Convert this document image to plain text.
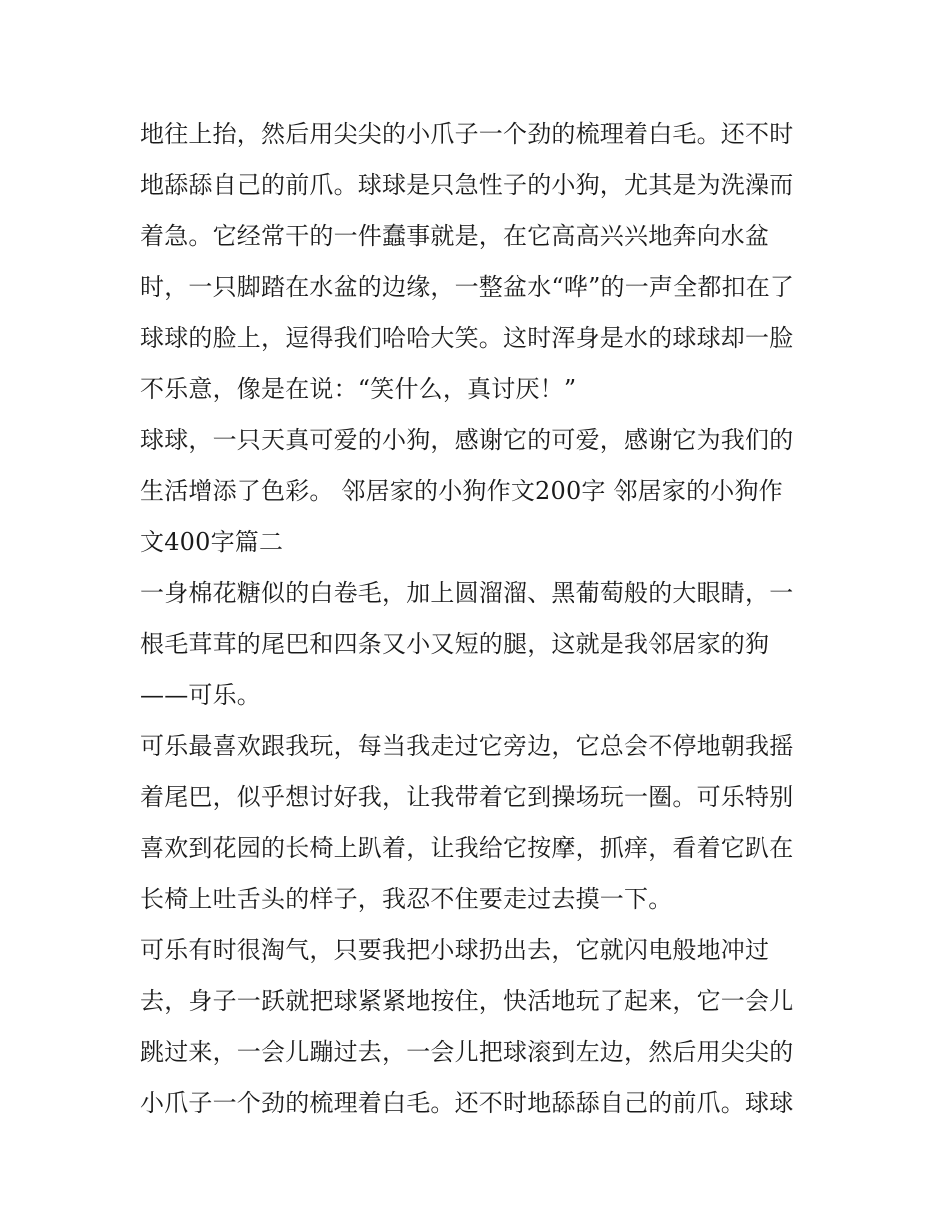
地往上抬，然后用尖尖的小爪子一个劲的梳理着白毛。还不时
地舔舔自己的前爪。球球是只急性子的小狗，尤其是为洗澡而
着急。它经常干的一件蠢事就是，在它高高兴兴地奔向水盆
时，一只脚踏在水盆的边缘，一整盆水“哗”的一声全都扣在了
球球的脸上，逗得我们哈哈大笑。这时浑身是水的球球却一脸
不乐意，像是在说：“笑什么，真讨厌！”
球球，一只天真可爱的小狗，感谢它的可爱，感谢它为我们的
生活增添了色彩。 邻居家的小狗作文200字 邻居家的小狗作
文400字篇二
一身棉花糖似的白卷毛，加上圆溜溜、黑葡萄般的大眼睛，一
根毛茸茸的尾巴和四条又小又短的腿，这就是我邻居家的狗
——可乐。
可乐最喜欢跟我玩，每当我走过它旁边，它总会不停地朝我摇
着尾巴，似乎想讨好我，让我带着它到操场玩一圈。可乐特别
喜欢到花园的长椅上趴着，让我给它按摩，抓痒，看着它趴在
长椅上吐舌头的样子，我忍不住要走过去摸一下。
可乐有时很淘气，只要我把小球扔出去，它就闪电般地冲过
去，身子一跃就把球紧紧地按住，快活地玩了起来，它一会儿
跳过来，一会儿蹦过去，一会儿把球滚到左边，然后用尖尖的
小爪子一个劲的梳理着白毛。还不时地舔舔自己的前爪。球球
